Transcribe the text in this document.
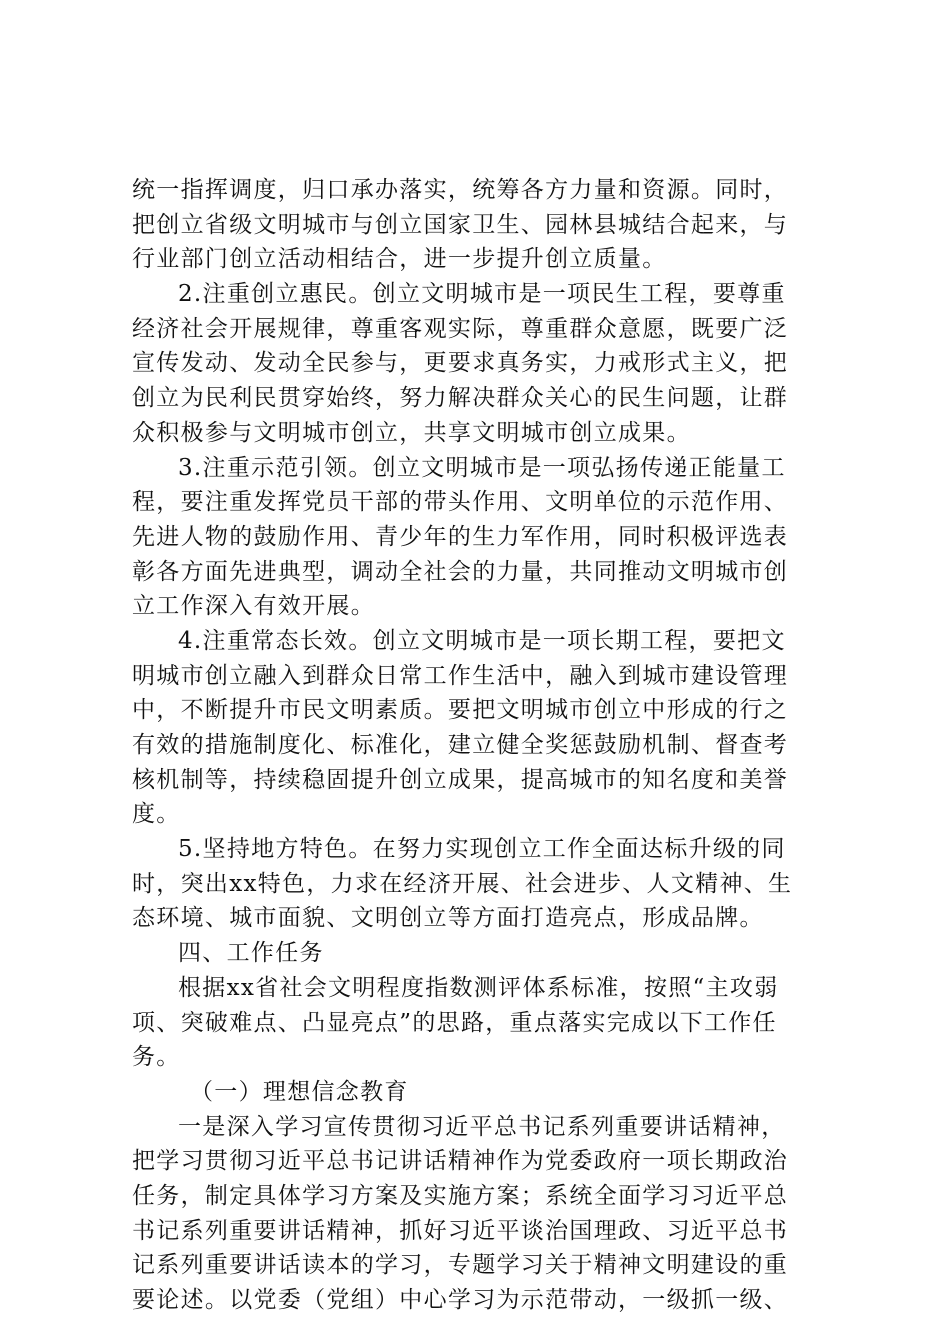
统一指挥调度，归口承办落实，统筹各方力量和资源。同时，
把创立省级文明城市与创立国家卫生、园林县城结合起来，与
行业部门创立活动相结合，进一步提升创立质量。
2.注重创立惠民。创立文明城市是一项民生工程，要尊重
经济社会开展规律，尊重客观实际，尊重群众意愿，既要广泛
宣传发动、发动全民参与，更要求真务实，力戒形式主义，把
创立为民利民贯穿始终，努力解决群众关心的民生问题，让群
众积极参与文明城市创立，共享文明城市创立成果。
3.注重示范引领。创立文明城市是一项弘扬传递正能量工
程，要注重发挥党员干部的带头作用、文明单位的示范作用、
先进人物的鼓励作用、青少年的生力军作用，同时积极评选表
彰各方面先进典型，调动全社会的力量，共同推动文明城市创
立工作深入有效开展。
4.注重常态长效。创立文明城市是一项长期工程，要把文
明城市创立融入到群众日常工作生活中，融入到城市建设管理
中，不断提升市民文明素质。要把文明城市创立中形成的行之
有效的措施制度化、标准化，建立健全奖惩鼓励机制、督查考
核机制等，持续稳固提升创立成果，提高城市的知名度和美誉
度。
5.坚持地方特色。在努力实现创立工作全面达标升级的同
时，突出xx特色，力求在经济开展、社会进步、人文精神、生
态环境、城市面貌、文明创立等方面打造亮点，形成品牌。
四、工作任务
根据xx省社会文明程度指数测评体系标准，按照“主攻弱
项、突破难点、凸显亮点”的思路，重点落实完成以下工作任
务。
（一）理想信念教育
一是深入学习宣传贯彻习近平总书记系列重要讲话精神，
把学习贯彻习近平总书记讲话精神作为党委政府一项长期政治
任务，制定具体学习方案及实施方案；系统全面学习习近平总
书记系列重要讲话精神，抓好习近平谈治国理政、习近平总书
记系列重要讲话读本的学习，专题学习关于精神文明建设的重
要论述。以党委（党组）中心学习为示范带动，一级抓一级、
